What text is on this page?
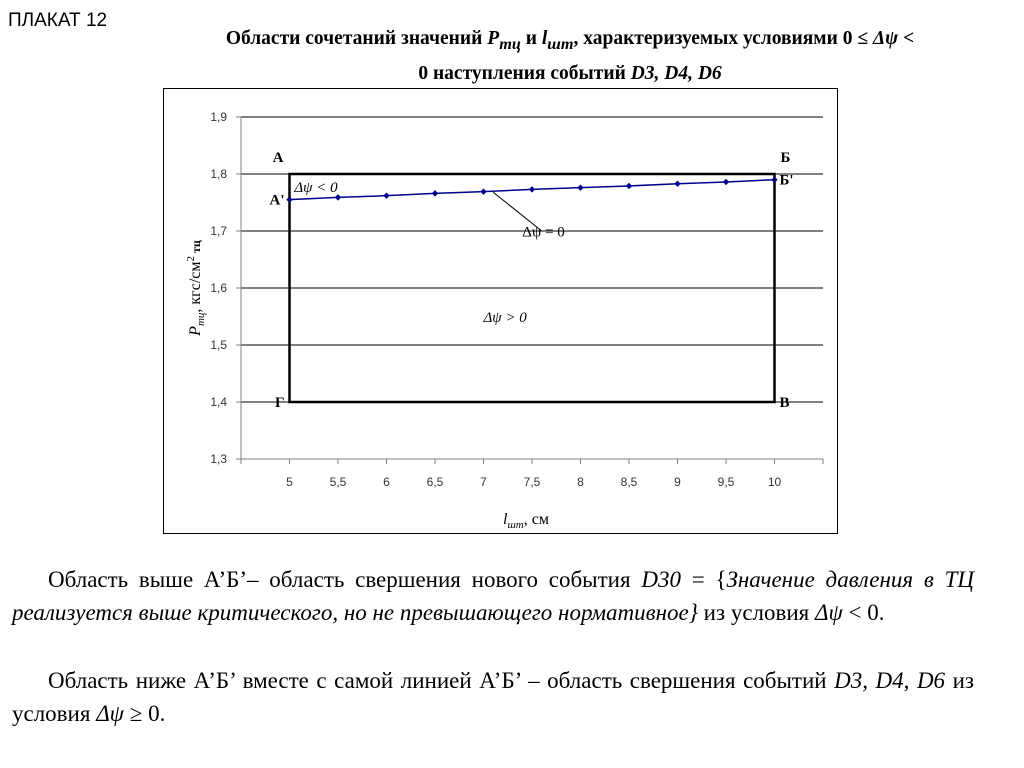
ПЛАКАТ 12
Области сочетаний значений $P_{тц}$ и $l_{шт}$, характеризуемых условиями 0 ≤ Δψ <
0 наступления событий D3, D4, D6
1,3
1,4
1,5
1,6
1,7
1,8
1,9
5	5,5	6	6,5	7	7,5	8	8,5	9	9,5	10
А	Б
Г	В
А'
Б'
Δψ < 0
Δψ = 0
Δψ > 0
$P_{тц}$, кгс/$см^2$ $_{тц}$
$l_{шт}$, см
Область выше А’Б’– область свершения нового события D30 = {Значение давления в ТЦ реализуется выше критического, но не превышающего нормативное} из условия Δψ < 0.
Область ниже А’Б’ вместе с самой линией А’Б’ – область свершения событий D3, D4, D6 из условия Δψ ≥ 0.
